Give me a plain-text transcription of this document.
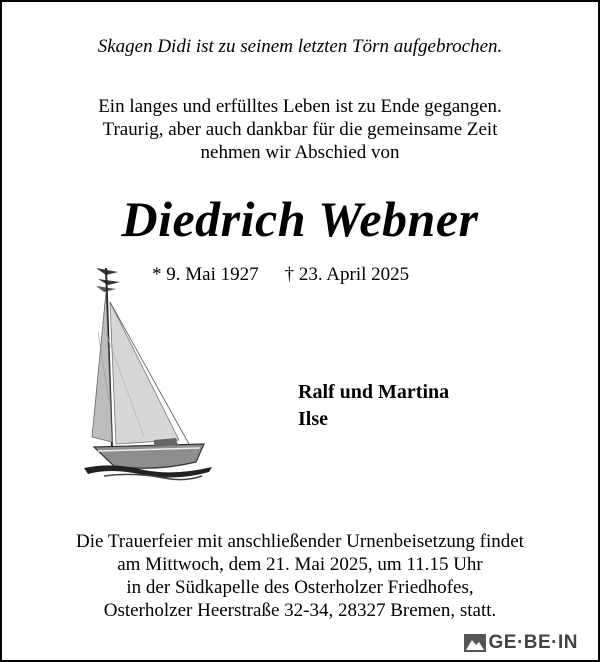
Skagen Didi ist zu seinem letzten Törn aufgebrochen.
Ein langes und erfülltes Leben ist zu Ende gegangen.
Traurig, aber auch dankbar für die gemeinsame Zeit
nehmen wir Abschied von
Diedrich Webner
* 9. Mai 1927 † 23. April 2025
Ralf und Martina
Ilse
Die Trauerfeier mit anschließender Urnenbeisetzung findet
am Mittwoch, dem 21. Mai 2025, um 11.15 Uhr
in der Südkapelle des Osterholzer Friedhofes,
Osterholzer Heerstraße 32-34, 28327 Bremen, statt.
GE·BE·IN
